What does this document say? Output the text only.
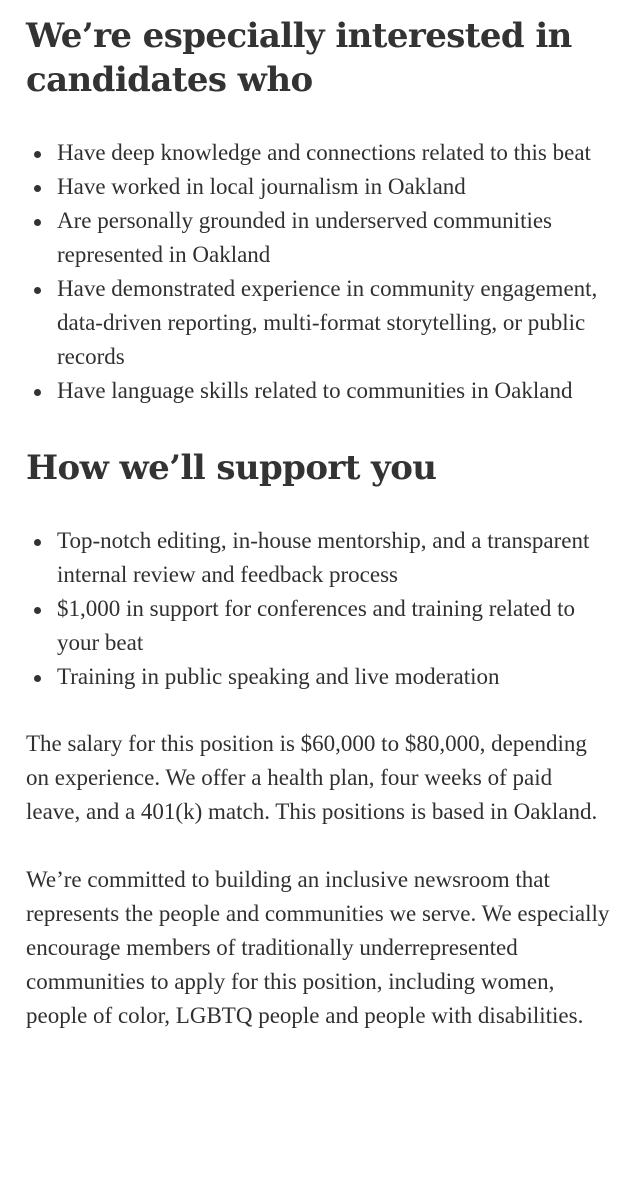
We’re especially interested in candidates who
Have deep knowledge and connections related to this beat
Have worked in local journalism in Oakland
Are personally grounded in underserved communities represented in Oakland
Have demonstrated experience in community engagement, data-driven reporting, multi-format storytelling, or public records
Have language skills related to communities in Oakland
How we’ll support you
Top-notch editing, in-house mentorship, and a transparent internal review and feedback process
$1,000 in support for conferences and training related to your beat
Training in public speaking and live moderation

The salary for this position is $60,000 to $80,000, depending on experience. We offer a health plan, four weeks of paid leave, and a 401(k) match. This positions is based in Oakland.

We’re committed to building an inclusive newsroom that represents the people and communities we serve. We especially encourage members of traditionally underrepresented communities to apply for this position, including women, people of color, LGBTQ people and people with disabilities.
